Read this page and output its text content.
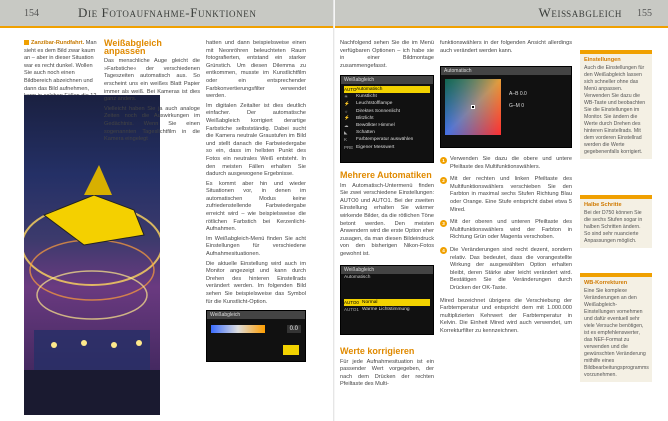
154	Die Fotoaufnahme-Funktionen	Weißabgleich 155
Zanzibar-Rundfahrt. Man sieht es dem Bild zwar kaum an – aber in dieser Situation war es recht dunkel. Wollen Sie auch noch einen Bildbereich abzeichnen und dann das Bild aufnehmen,
Weißabgleich anpassen

Das menschliche Auge gleicht die »Farbstiche« der verschiedenen Tageszeiten automatisch aus. So erscheint uns ein weißes Blatt Papier immer als weiß. Bei Kameras ist dies ganz anders.

Vielleicht haben Sie ja auch analoge Zeiten noch die Auswirkungen im Gedächtnis. Wenn Sie einen sogenannten Tageslichtfilm in die Kamera eingelegt

hatten und dann beispielsweise einen mit Neonröhren beleuchteten Raum fotografierten, entstand ein starker Grünstich. Um diesen Dilemma zu entkommen, musste im Kunstlichtfilm oder ein entsprechender Farbkonvertierungsfilter verwendet werden.

Im digitalen Zeitalter ist dies deutlich einfacher. Der automatische Weißabgleich korrigiert derartige Farbstiche selbstständig. Dabei sucht die Kamera neutrale Graustufen im Bild und stellt danach die Farbwiedergabe so ein, dass im hellsten Punkt des Fotos ein neutrales Weiß entsteht. In den meisten Fällen erhalten Sie dadurch ausgewogene Ergebnisse.

Es kommt aber hin und wieder Situationen vor, in denen im automatischen Modus keine zufriedenstellende Farbwiedergabe erreicht wird – wie beispielsweise die rötlichen Farbstich bei Kerzenlicht-Aufnahmen.

Im Weißabgleich-Menü finden Sie acht Einstellungen für verschiedene Aufnahmesituationen.

Die aktuelle Einstellung wird auch im Monitor angezeigt und kann durch Drehen des hinteren Einstellrads verändert werden. Im folgenden Bild sehen Sie beispielsweise das Symbol für die Kunstlicht-Option.

Weißabgleich
0.0

Nachfolgend sehen Sie die im Menü verfügbaren Optionen – ich habe sie in einer Bildmontage zusammengefasst.

Weißabgleich
AUTO Automatisch
☀	Kunstlicht
⚡	Leuchtstofflampe
☼	Direktes Sonnenlicht
⚡	Blitzlicht
☁	Bewölkter Himmel
◣	Schatten
K	Farbtemperatur auswählen
PRE Eigener Messwert
Mehrere Automatiken

Im Automatisch-Untermenü finden Sie zwei verschiedene Einstellungen: AUTO0 und AUTO1. Bei der zweiten Einstellung erhalten Sie wärmer wirkende Bilder, da die rötlichen Töne betont werden. Den meisten Anwendern wird die erste Option eher zusagen, da man diesen Bildeindruck von den bisherigen Nikon-Fotos gewohnt ist.

Weißabgleich
Automatisch
AUTO0 Normal
AUTO1 Warme Lichtstimmung
Werte korrigieren

Für jede Aufnahmesituation ist ein passender Wert vorgegeben, der nach dem Drücken der rechten Pfeiltaste des Multi-

funktionswählers in der folgenden Ansicht allerdings auch verändert werden kann.

Automatisch
A–B 0.0
G–M 0
1 Verwenden Sie dazu die obere und untere Pfeiltaste des Multifunktionswählers.

2 Mit der rechten und linken Pfeiltaste des Multifunktionswählers verschieben Sie den Farbton in maximal sechs Stufen Richtung Blau oder Orange. Eine Stufe entspricht dabei etwa 5 Mired.

3 Mit der oberen und unteren Pfeiltaste des Multifunktionswählers wird der Farbton in Richtung Grün oder Magenta verschoben.

4 Die Veränderungen sind recht dezent, sondern relativ. Das bedeutet, dass die vorangestellte Wirkung der ausgewählten Option erhalten bleibt, deren Stärke aber leicht verändert wird. Bestätigen Sie die Veränderungen durch Drücken der OK-Taste.

Mired bezeichnet übrigens die Verschiebung der Farbtemperatur und entspricht dem mit 1.000.000 multiplizierten Kehrwert der Farbtemperatur in Kelvin. Die Einheit Mired wird auch verwendet, um Korrekturfilter zu kennzeichnen.

Einstellungen

Auch die Einstellungen für den Weißabgleich lassen sich schneller ohne das Menü anpassen. Verwenden Sie dazu die WB-Taste und beobachten Sie die Einstellungen im Monitor. Sie ändern die Werte durch Drehen des hinteren Einstellrads. Mit dem vorderen Einstellrad werden die Werte gegebenenfalls korrigiert.

Halbe Schritte

Bei der D750 können Sie die sechs Stufen sogar in halben Schritten ändern. So sind sehr nuancierte Anpassungen möglich.

WB-Korrekturen

Eine Sie komplexe Veränderungen an den Weißabgleich-Einstellungen vornehmen und dafür eventuell sehr viele Versuche benötigen, ist es empfehlenswerter, das NEF-Format zu verwenden und die gewünschten Veränderung mithilfe eines Bildbearbeitungsprogramms vorzunehmen.
